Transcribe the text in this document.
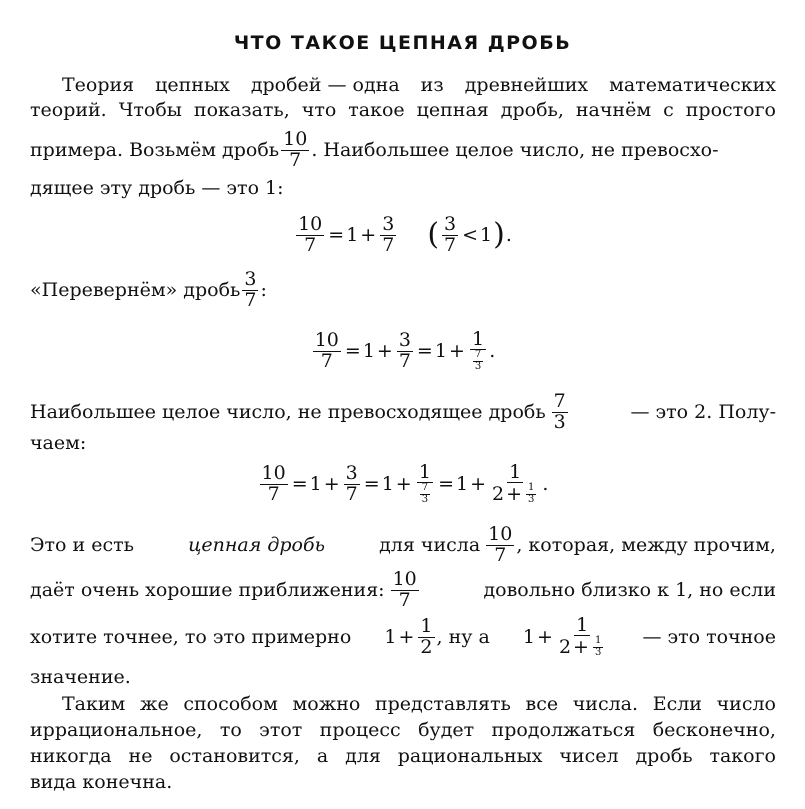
ЧТО ТАКОЕ ЦЕПНАЯ ДРОБЬ
Теория цепных дробей — одна из древнейших математических
теорий. Чтобы показать, что такое цепная дробь, начнём с простого
примера. Возьмём дробь $\frac{10}{7}$ . Наибольшее целое число, не превосхо-
дящее эту дробь — это 1:
$\frac{10}{7} = 1 + \frac{3}{7}$ ( $\frac{3}{7} < 1$ ) .
«Перевернём» дробь $\frac{3}{7}$ :
$\frac{10}{7} = 1 + \frac{3}{7} = 1 + \frac{1}{\frac{7}{3}}$ .
Наибольшее целое число, не превосходящее дробь $\frac{7}{3}$	— это 2. Полу-
чаем:
$\frac{10}{7} = 1 + \frac{3}{7} = 1 + \frac{1}{\frac{7}{3}} = 1 + \frac{1}{2 + \frac{1}{3}}$ .
Это и есть	цепная дробь	для числа $\frac{10}{7}$ , которая, между прочим,
даёт очень хорошие приближения: $\frac{10}{7}$	довольно близко к 1, но если
хотите точнее, то это примерно $1 + \frac{1}{2}$ , ну а $1 + \frac{1}{2 + \frac{1}{3}}$ — это точное
значение.
Таким же способом можно представлять все числа. Если число
иррациональное, то этот процесс будет продолжаться бесконечно,
никогда не остановится, а для рациональных чисел дробь такого
вида конечна.
